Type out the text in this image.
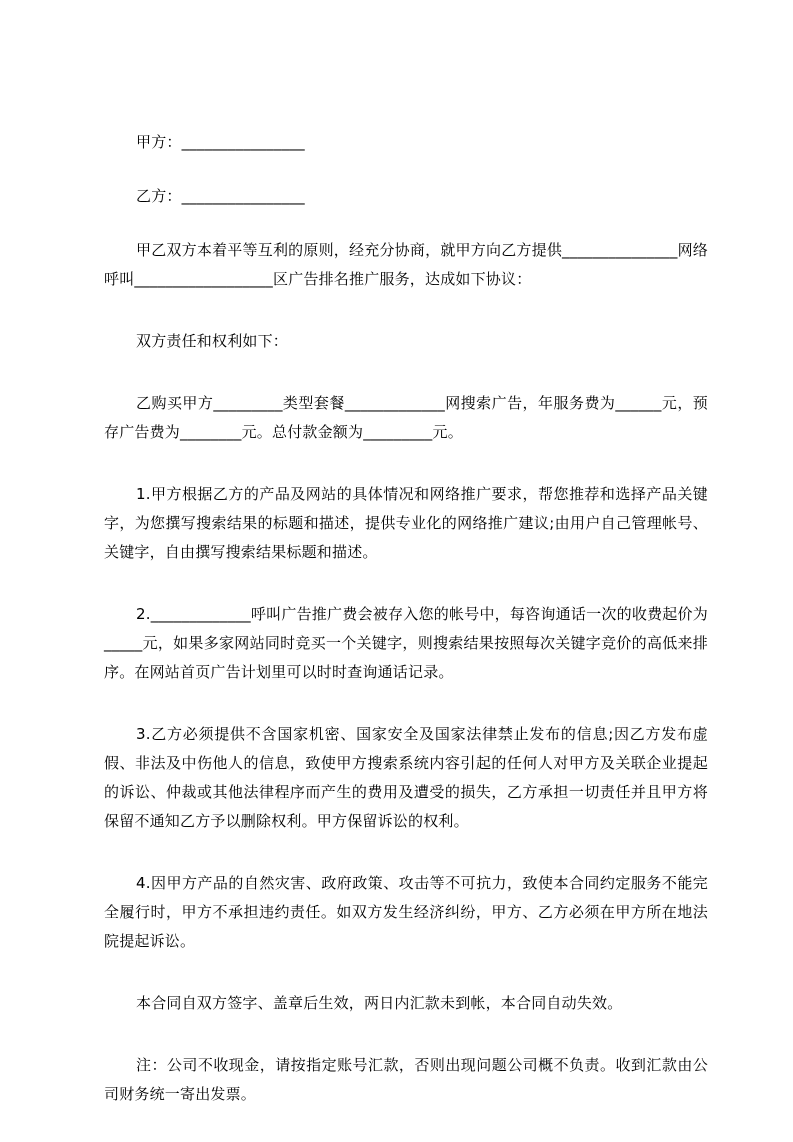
甲方：________________

乙方：________________

甲乙双方本着平等互利的原则，经充分协商，就甲方向乙方提供_______________网络呼叫__________________区广告排名推广服务，达成如下协议：

双方责任和权利如下：

乙购买甲方_________类型套餐_____________网搜索广告，年服务费为______元，预存广告费为________元。总付款金额为_________元。

1.甲方根据乙方的产品及网站的具体情况和网络推广要求，帮您推荐和选择产品关键字，为您撰写搜索结果的标题和描述，提供专业化的网络推广建议;由用户自己管理帐号、关键字，自由撰写搜索结果标题和描述。

2._____________呼叫广告推广费会被存入您的帐号中，每咨询通话一次的收费起价为_____元，如果多家网站同时竞买一个关键字，则搜索结果按照每次关键字竞价的高低来排序。在网站首页广告计划里可以时时查询通话记录。

3.乙方必须提供不含国家机密、国家安全及国家法律禁止发布的信息;因乙方发布虚假、非法及中伤他人的信息，致使甲方搜索系统内容引起的任何人对甲方及关联企业提起的诉讼、仲裁或其他法律程序而产生的费用及遭受的损失，乙方承担一切责任并且甲方将保留不通知乙方予以删除权利。甲方保留诉讼的权利。

4.因甲方产品的自然灾害、政府政策、攻击等不可抗力，致使本合同约定服务不能完全履行时，甲方不承担违约责任。如双方发生经济纠纷，甲方、乙方必须在甲方所在地法院提起诉讼。

本合同自双方签字、盖章后生效，两日内汇款未到帐，本合同自动失效。

注：公司不收现金，请按指定账号汇款，否则出现问题公司概不负责。收到汇款由公司财务统一寄出发票。
